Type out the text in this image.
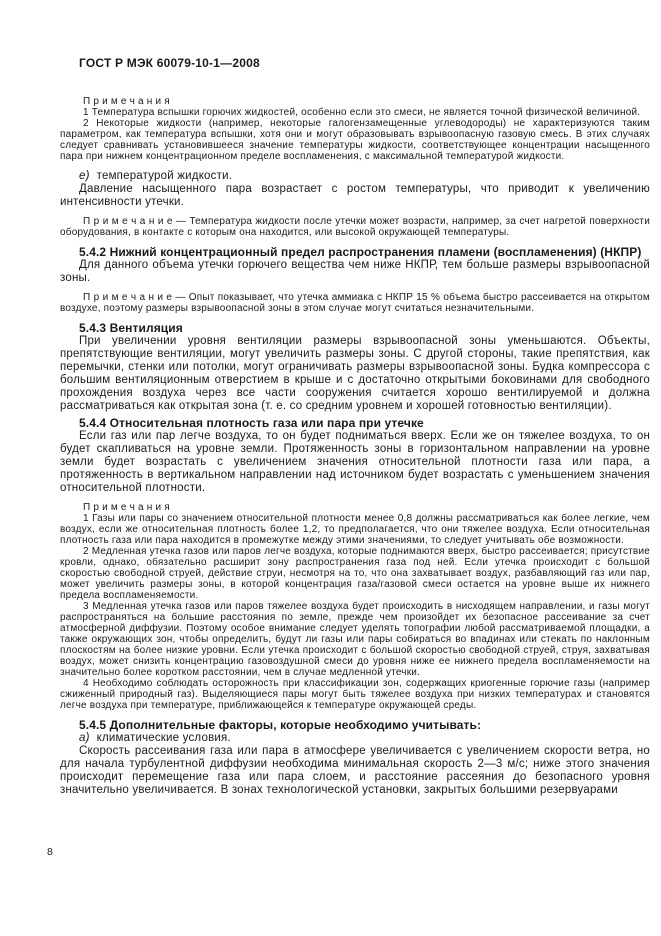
ГОСТ Р МЭК 60079-10-1—2008

П р и м е ч а н и я

1 Температура вспышки горючих жидкостей, особенно если это смеси, не является точной физической величиной.

2 Некоторые жидкости (например, некоторые галогензамещенные углеводороды) не характеризуются таким параметром, как температура вспышки, хотя они и могут образовывать взрывоопасную газовую смесь. В этих случаях следует сравнивать установившееся значение температуры жидкости, соответствующее концентрации насыщенного пара при нижнем концентрационном пределе воспламенения, с максимальной температурой жидкости.

е) температурой жидкости.

Давление насыщенного пара возрастает с ростом температуры, что приводит к увеличению интенсивности утечки.

П р и м е ч а н и е — Температура жидкости после утечки может возрасти, например, за счет нагретой поверхности оборудования, в контакте с которым она находится, или высокой окружающей температуры.

5.4.2 Нижний концентрационный предел распространения пламени (воспламенения) (НКПР)

Для данного объема утечки горючего вещества чем ниже НКПР, тем больше размеры взрывоопасной зоны.

П р и м е ч а н и е — Опыт показывает, что утечка аммиака с НКПР 15 % объема быстро рассеивается на открытом воздухе, поэтому размеры взрывоопасной зоны в этом случае могут считаться незначительными.

5.4.3 Вентиляция

При увеличении уровня вентиляции размеры взрывоопасной зоны уменьшаются. Объекты, препятствующие вентиляции, могут увеличить размеры зоны. С другой стороны, такие препятствия, как перемычки, стенки или потолки, могут ограничивать размеры взрывоопасной зоны. Будка компрессора с большим вентиляционным отверстием в крыше и с достаточно открытыми боковинами для свободного прохождения воздуха через все части сооружения считается хорошо вентилируемой и должна рассматриваться как открытая зона (т. е. со средним уровнем и хорошей готовностью вентиляции).

5.4.4 Относительная плотность газа или пара при утечке

Если газ или пар легче воздуха, то он будет подниматься вверх. Если же он тяжелее воздуха, то он будет скапливаться на уровне земли. Протяженность зоны в горизонтальном направлении на уровне земли будет возрастать с увеличением значения относительной плотности газа или пара, а протяженность в вертикальном направлении над источником будет возрастать с уменьшением значения относительной плотности.

П р и м е ч а н и я

1 Газы или пары со значением относительной плотности менее 0,8 должны рассматриваться как более легкие, чем воздух, если же относительная плотность более 1,2, то предполагается, что они тяжелее воздуха. Если относительная плотность газа или пара находится в промежутке между этими значениями, то следует учитывать обе возможности.

2 Медленная утечка газов или паров легче воздуха, которые поднимаются вверх, быстро рассеивается; присутствие кровли, однако, обязательно расширит зону распространения газа под ней. Если утечка происходит с большой скоростью свободной струей, действие струи, несмотря на то, что она захватывает воздух, разбавляющий газ или пар, может увеличить размеры зоны, в которой концентрация газа/газовой смеси остается на уровне выше их нижнего предела воспламеняемости.

3 Медленная утечка газов или паров тяжелее воздуха будет происходить в нисходящем направлении, и газы могут распространяться на большие расстояния по земле, прежде чем произойдет их безопасное рассеивание за счет атмосферной диффузии. Поэтому особое внимание следует уделять топографии любой рассматриваемой площадки, а также окружающих зон, чтобы определить, будут ли газы или пары собираться во впадинах или стекать по наклонным плоскостям на более низкие уровни. Если утечка происходит с большой скоростью свободной струей, струя, захватывая воздух, может снизить концентрацию газовоздушной смеси до уровня ниже ее нижнего предела воспламеняемости на значительно более коротком расстоянии, чем в случае медленной утечки.

4 Необходимо соблюдать осторожность при классификации зон, содержащих криогенные горючие газы (например сжиженный природный газ). Выделяющиеся пары могут быть тяжелее воздуха при низких температурах и становятся легче воздуха при температуре, приближающейся к температуре окружающей среды.

5.4.5 Дополнительные факторы, которые необходимо учитывать:

а) климатические условия.

Скорость рассеивания газа или пара в атмосфере увеличивается с увеличением скорости ветра, но для начала турбулентной диффузии необходима минимальная скорость 2—3 м/с; ниже этого значения происходит перемещение газа или пара слоем, и расстояние рассеяния до безопасного уровня значительно увеличивается. В зонах технологической установки, закрытых большими резервуарами

8
